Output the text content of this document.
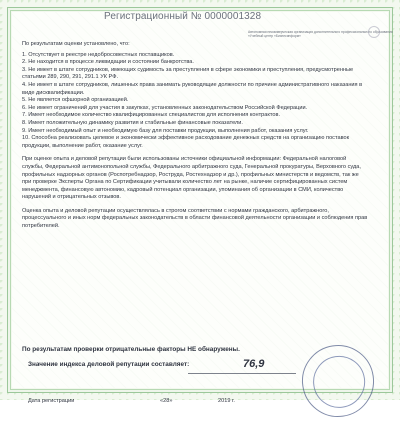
Регистрационный № 0000001328
Автономная некоммерческая организация дополнительного профессионального образования
«Учебный центр «Бизнесинформ»

По результатам оценки установлено, что:

1. Отсутствует в реестре недобросовестных поставщиков.

2. Не находится в процессе ликвидации и состоянии банкротства.

3. Не имеет в штате сотрудников, имеющих судимость за преступления в сфере экономики и преступления, предусмотренные статьями 289, 290, 291, 291.1 УК РФ.

4. Не имеет в штате сотрудников, лишенных права занимать руководящие должности по причине административного наказания в виде дисквалификации.

5. Не является офшорной организацией.

6. Не имеет ограничений для участия в закупках, установленных законодательством Российской Федерации.

7. Имеет необходимое количество квалифицированных специалистов для исполнения контрактов.

8. Имеет положительную динамику развития и стабильные финансовые показатели.

9. Имеет необходимый опыт и необходимую базу для поставки продукции, выполнения работ, оказания услуг.

10. Способна реализовать целевое и экономически эффективное расходование денежных средств на организацию поставок продукции, выполнение работ, оказание услуг.

При оценке опыта и деловой репутации были использованы источники официальной информации: Федеральной налоговой службы, Федеральной антимонопольной службы, Федерального арбитражного суда, Генеральной прокуратуры, Верховного суда, профильных надзорных органов (Роспотребнадзор, Роструда, Ростехнадзор и др.), профильных министерств и ведомств, так же при проверке Эксперты Органа по Сертификации учитывали количество лет на рынке, наличие сертифицированных систем менеджмента, финансовую автономию, кадровый потенциал организации, упоминания об организации в СМИ, количество нарушений и отрицательных отзывов.

Оценка опыта и деловой репутации осуществлялась в строгом соответствии с нормами гражданского, арбитражного, процессуального и иных норм федеральных законодательств в области финансовой деятельности организации и соблюдения прав потребителей.

По результатам проверки отрицательные факторы НЕ обнаружены.

Значение индекса деловой репутации составляет:	76,9
Дата регистрации	«28»	2019 г.
